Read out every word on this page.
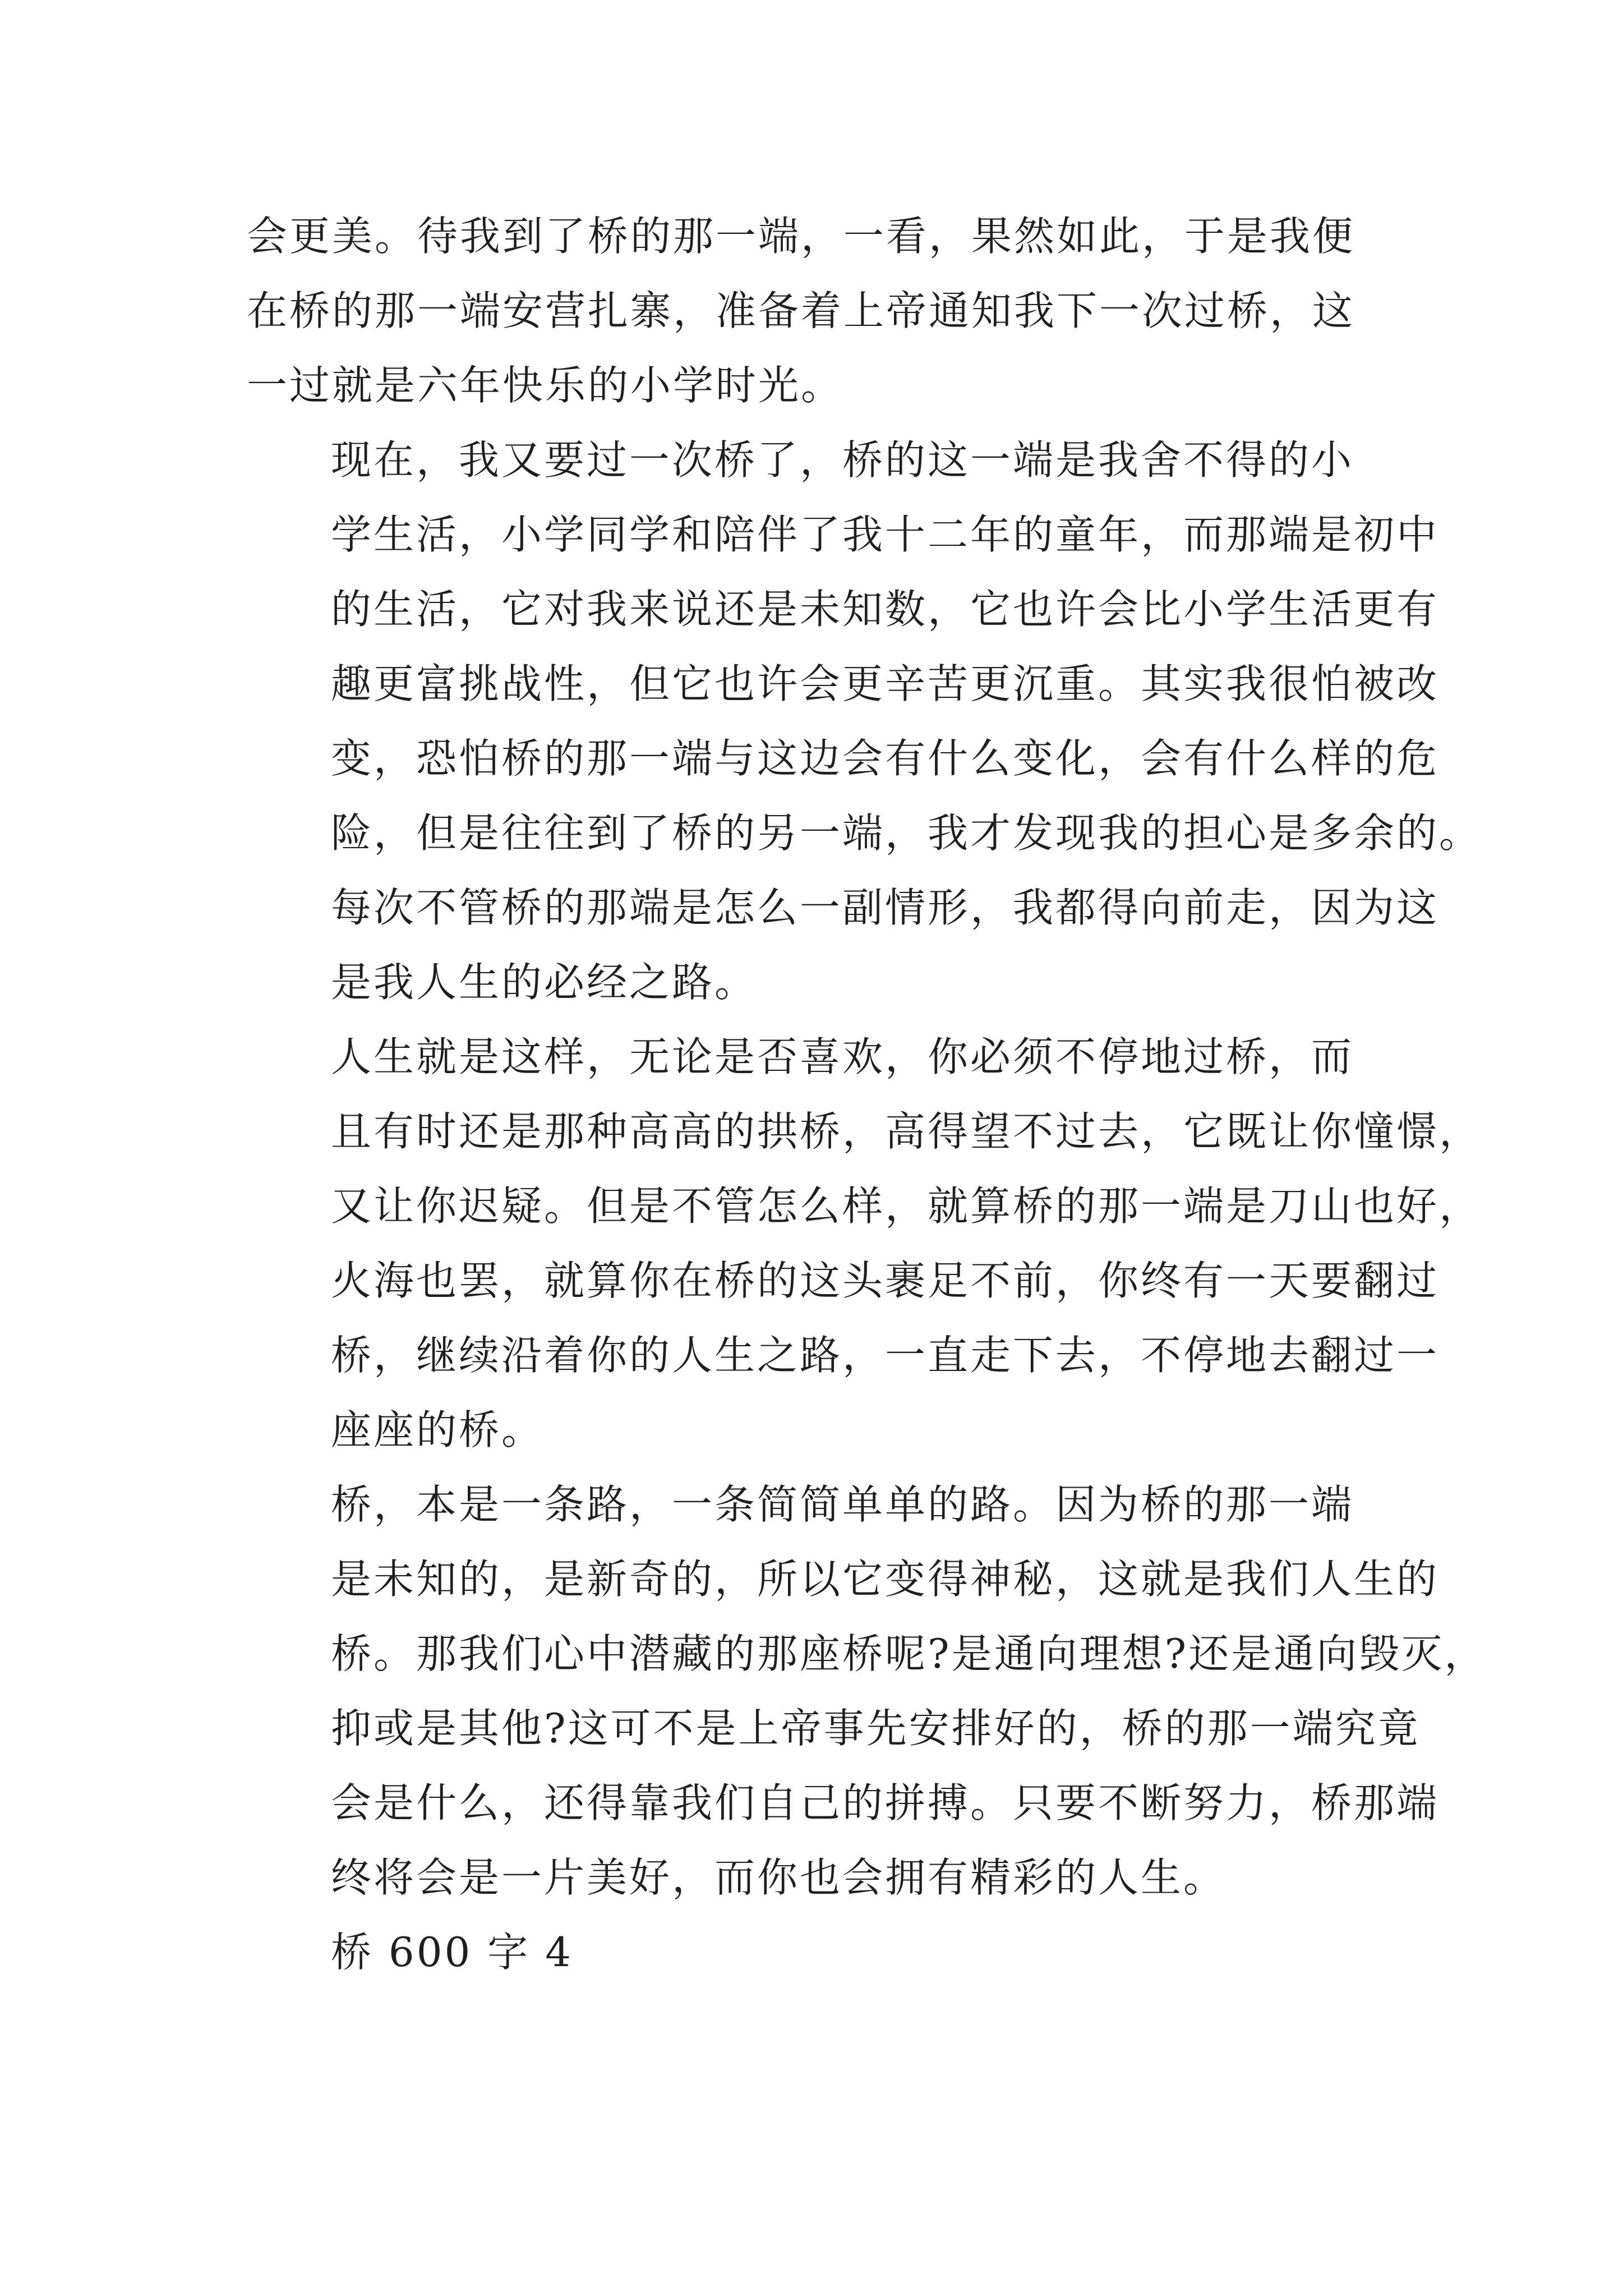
会更美。待我到了桥的那一端，一看，果然如此，于是我便
在桥的那一端安营扎寨，准备着上帝通知我下一次过桥，这
一过就是六年快乐的小学时光。

现在，我又要过一次桥了，桥的这一端是我舍不得的小
学生活，小学同学和陪伴了我十二年的童年，而那端是初中
的生活，它对我来说还是未知数，它也许会比小学生活更有
趣更富挑战性，但它也许会更辛苦更沉重。其实我很怕被改
变，恐怕桥的那一端与这边会有什么变化，会有什么样的危
险，但是往往到了桥的另一端，我才发现我的担心是多余的。
每次不管桥的那端是怎么一副情形，我都得向前走，因为这
是我人生的必经之路。

人生就是这样，无论是否喜欢，你必须不停地过桥，而
且有时还是那种高高的拱桥，高得望不过去，它既让你憧憬，
又让你迟疑。但是不管怎么样，就算桥的那一端是刀山也好，
火海也罢，就算你在桥的这头裹足不前，你终有一天要翻过
桥，继续沿着你的人生之路，一直走下去，不停地去翻过一
座座的桥。

桥，本是一条路，一条简简单单的路。因为桥的那一端
是未知的，是新奇的，所以它变得神秘，这就是我们人生的
桥。那我们心中潜藏的那座桥呢?是通向理想?还是通向毁灭，
抑或是其他?这可不是上帝事先安排好的，桥的那一端究竟
会是什么，还得靠我们自己的拼搏。只要不断努力，桥那端
终将会是一片美好，而你也会拥有精彩的人生。

桥 600 字 4
